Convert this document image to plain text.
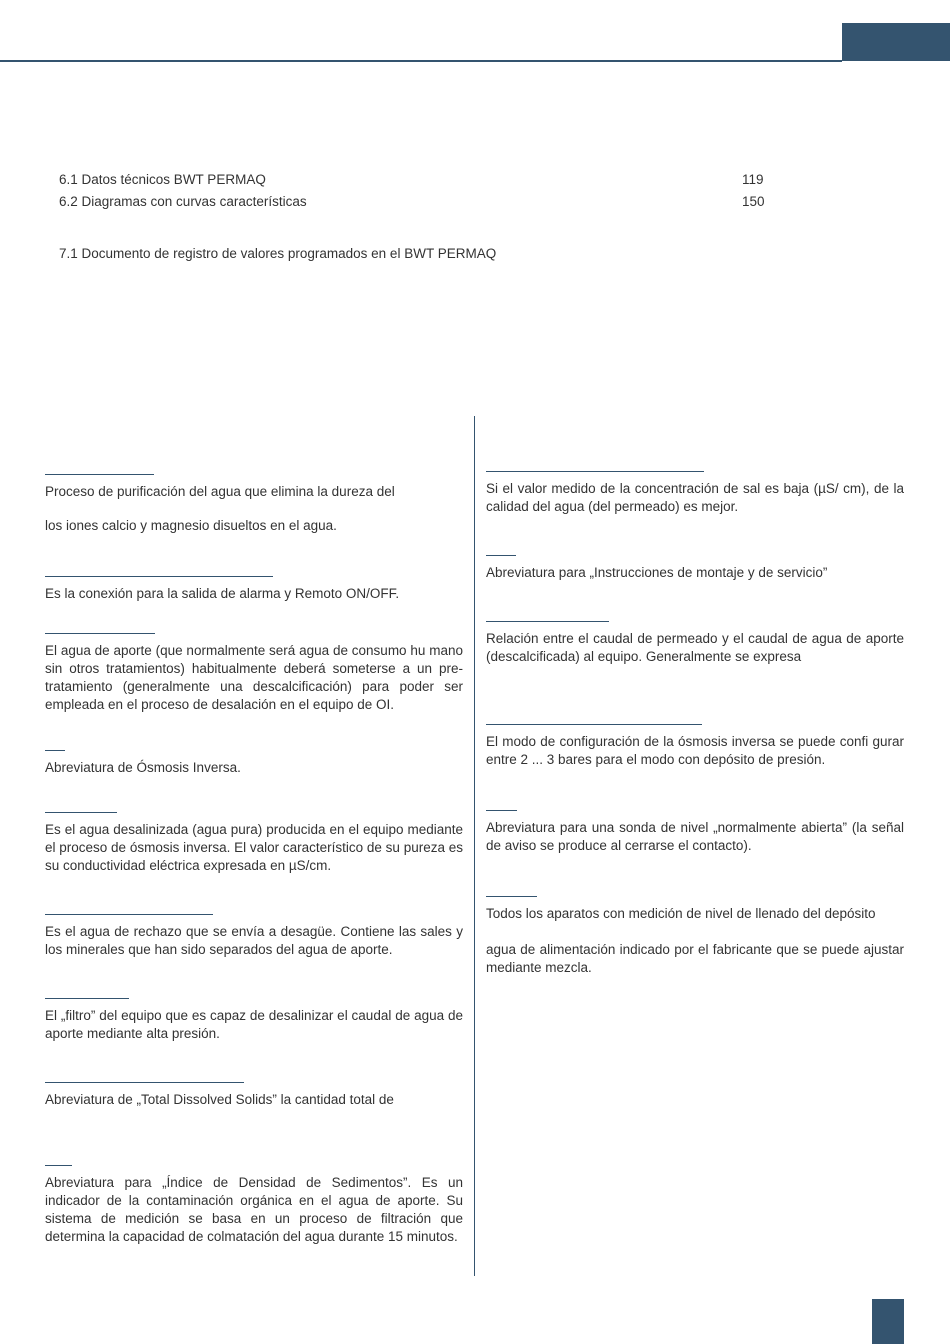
6.1 Datos técnicos BWT PERMAQ	119
6.2 Diagramas con curvas características	150
7.1 Documento de registro de valores programados en el BWT PERMAQ
Proceso de purificación del agua que elimina la dureza del

los iones calcio y magnesio disueltos en el agua.
Es la conexión para la salida de alarma y Remoto ON/OFF.
El agua de aporte (que normalmente será agua de consumo hu mano sin otros tratamientos) habitualmente deberá someterse a un pre-tratamiento (generalmente una descalcificación) para poder ser empleada en el proceso de desalación en el equipo de OI.
Abreviatura de Ósmosis Inversa.
Es el agua desalinizada (agua pura) producida en el equipo mediante el proceso de ósmosis inversa. El valor característico de su pureza es su conductividad eléctrica expresada en µS/cm.
Es el agua de rechazo que se envía a desagüe. Contiene las sales y los minerales que han sido separados del agua de aporte.
El „filtro” del equipo que es capaz de desalinizar el caudal de agua de aporte mediante alta presión.
Abreviatura de „Total Dissolved Solids” la cantidad total de
Abreviatura para „Índice de Densidad de Sedimentos”. Es un indicador de la contaminación orgánica en el agua de aporte. Su sistema de medición se basa en un proceso de filtración que determina la capacidad de colmatación del agua durante 15 minutos.
Si el valor medido de la concentración de sal es baja (µS/ cm), de la calidad del agua (del permeado) es mejor.
Abreviatura para „Instrucciones de montaje y de servicio”
Relación entre el caudal de permeado y el caudal de agua de aporte (descalcificada) al equipo. Generalmente se expresa
El modo de configuración de la ósmosis inversa se puede confi gurar entre 2 ... 3 bares para el modo con depósito de presión.
Abreviatura para una sonda de nivel „normalmente abierta” (la señal de aviso se produce al cerrarse el contacto).
Todos los aparatos con medición de nivel de llenado del depósito

agua de alimentación indicado por el fabricante que se puede ajustar mediante mezcla.
